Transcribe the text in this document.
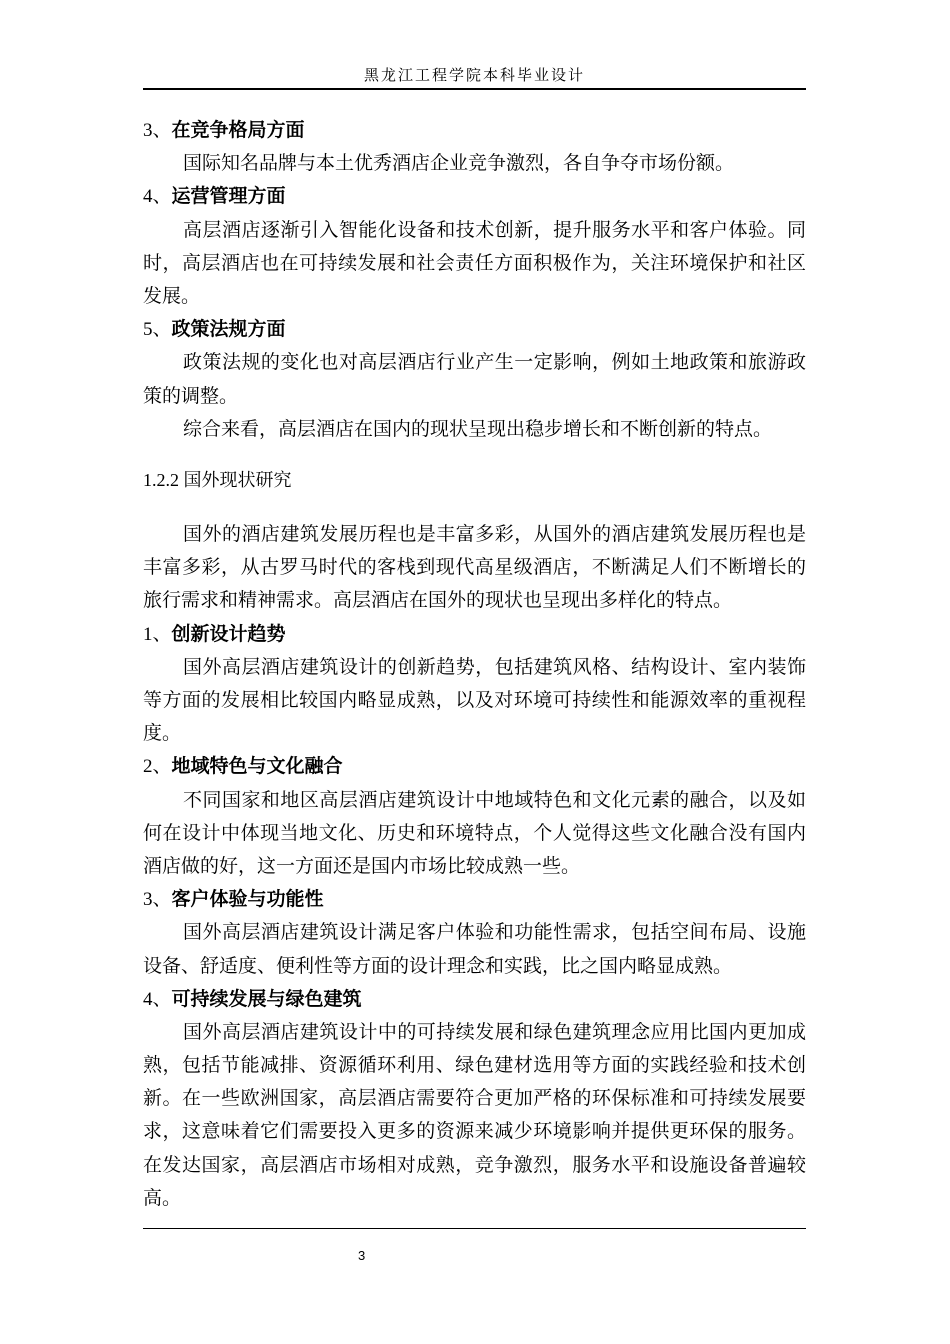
黑龙江工程学院本科毕业设计
3、在竞争格局方面
国际知名品牌与本土优秀酒店企业竞争激烈，各自争夺市场份额。
4、运营管理方面
高层酒店逐渐引入智能化设备和技术创新，提升服务水平和客户体验。同
时，高层酒店也在可持续发展和社会责任方面积极作为，关注环境保护和社区
发展。
5、政策法规方面
政策法规的变化也对高层酒店行业产生一定影响，例如土地政策和旅游政
策的调整。
综合来看，高层酒店在国内的现状呈现出稳步增长和不断创新的特点。
1.2.2 国外现状研究
国外的酒店建筑发展历程也是丰富多彩，从国外的酒店建筑发展历程也是
丰富多彩，从古罗马时代的客栈到现代高星级酒店，不断满足人们不断增长的
旅行需求和精神需求。高层酒店在国外的现状也呈现出多样化的特点。
1、创新设计趋势
国外高层酒店建筑设计的创新趋势，包括建筑风格、结构设计、室内装饰
等方面的发展相比较国内略显成熟，以及对环境可持续性和能源效率的重视程
度。
2、地域特色与文化融合
不同国家和地区高层酒店建筑设计中地域特色和文化元素的融合，以及如
何在设计中体现当地文化、历史和环境特点，个人觉得这些文化融合没有国内
酒店做的好，这一方面还是国内市场比较成熟一些。
3、客户体验与功能性
国外高层酒店建筑设计满足客户体验和功能性需求，包括空间布局、设施
设备、舒适度、便利性等方面的设计理念和实践，比之国内略显成熟。
4、可持续发展与绿色建筑
国外高层酒店建筑设计中的可持续发展和绿色建筑理念应用比国内更加成
熟，包括节能减排、资源循环利用、绿色建材选用等方面的实践经验和技术创
新。在一些欧洲国家，高层酒店需要符合更加严格的环保标准和可持续发展要
求，这意味着它们需要投入更多的资源来减少环境影响并提供更环保的服务。
在发达国家，高层酒店市场相对成熟，竞争激烈，服务水平和设施设备普遍较
高。
3
